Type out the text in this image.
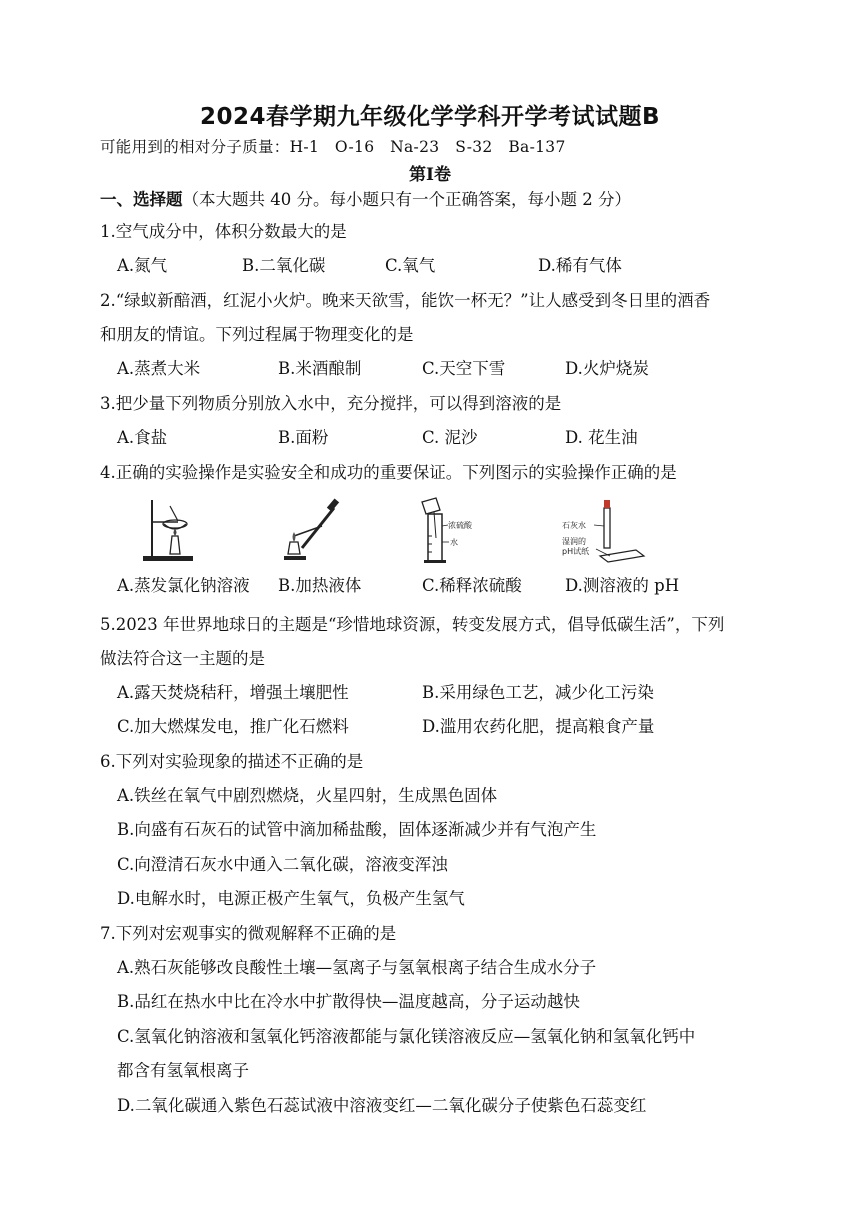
2024春学期九年级化学学科开学考试试题B
可能用到的相对分子质量：H-1　O-16　Na-23　S-32　Ba-137
第Ⅰ卷
一、选择题（本大题共 40 分。每小题只有一个正确答案，每小题 2 分）
1.空气成分中，体积分数最大的是
A.氮气	B.二氧化碳	C.氧气	D.稀有气体
2.“绿蚁新醅酒，红泥小火炉。晚来天欲雪，能饮一杯无？”让人感受到冬日里的酒香
和朋友的情谊。下列过程属于物理变化的是
A.蒸煮大米	B.米酒酿制	C.天空下雪	D.火炉烧炭
3.把少量下列物质分别放入水中，充分搅拌，可以得到溶液的是
A.食盐	B.面粉	C. 泥沙	D. 花生油
4.正确的实验操作是实验安全和成功的重要保证。下列图示的实验操作正确的是
浓硫酸
水
石灰水
湿润的
pH试纸
A.蒸发氯化钠溶液 B.加热液体	C.稀释浓硫酸	D.测溶液的 pH
5.2023 年世界地球日的主题是“珍惜地球资源，转变发展方式，倡导低碳生活”，下列
做法符合这一主题的是
A.露天焚烧秸秆，增强土壤肥性	B.采用绿色工艺，减少化工污染
C.加大燃煤发电，推广化石燃料	D.滥用农药化肥，提高粮食产量
6.下列对实验现象的描述不正确的是
A.铁丝在氧气中剧烈燃烧，火星四射，生成黑色固体
B.向盛有石灰石的试管中滴加稀盐酸，固体逐渐减少并有气泡产生
C.向澄清石灰水中通入二氧化碳，溶液变浑浊
D.电解水时，电源正极产生氧气，负极产生氢气
7.下列对宏观事实的微观解释不正确的是
A.熟石灰能够改良酸性土壤—氢离子与氢氧根离子结合生成水分子
B.品红在热水中比在冷水中扩散得快—温度越高，分子运动越快
C.氢氧化钠溶液和氢氧化钙溶液都能与氯化镁溶液反应—氢氧化钠和氢氧化钙中
都含有氢氧根离子
D.二氧化碳通入紫色石蕊试液中溶液变红—二氧化碳分子使紫色石蕊变红
